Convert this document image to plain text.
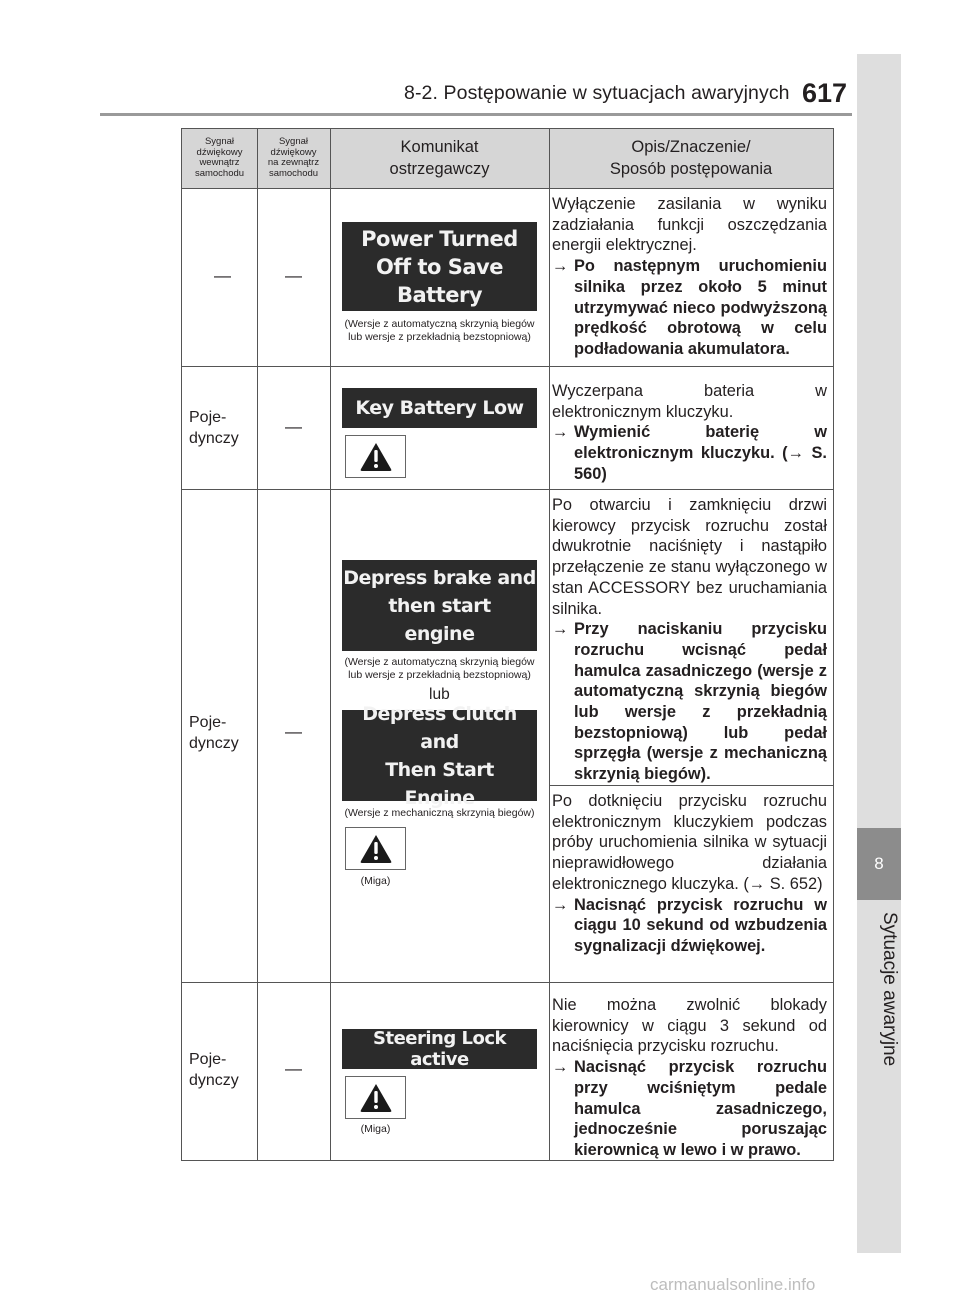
8-2. Postępowanie w sytuacjach awaryjnych 617
8
Sytuacje awaryjne
Sygnał
dźwiękowy
wewnątrz
samochodu
Sygnał
dźwiękowy
na zewnątrz
samochodu
Komunikat
ostrzegawczy
Opis/Znaczenie/
Sposób postępowania
—	—
Power Turned
Off to Save
Battery
(Wersje z automatyczną skrzynią biegów
lub wersje z przekładnią bezstopniową)

Wyłączenie zasilania w wyniku zadziałania funkcji oszczędzania energii elektrycznej.

→ Po następnym uruchomieniu silnika przez około 5 minut utrzymywać nieco podwyższoną prędkość obrotową w celu podładowania akumulatora.

Poje-
dynczy
—
Key Battery Low

Wyczerpana bateria w elektronicznym kluczyku.

→ Wymienić baterię w elektronicznym kluczyku. (→ S. 560)

Poje-
dynczy
—
Depress brake and
then start
engine
(Wersje z automatyczną skrzynią biegów
lub wersje z przekładnią bezstopniową)
lub
Depress Clutch and
Then Start
Engine
(Wersje z mechaniczną skrzynią biegów)
(Miga)

Po otwarciu i zamknięciu drzwi kierowcy przycisk rozruchu został dwukrotnie naciśnięty i nastąpiło przełączenie ze stanu wyłączonego w stan ACCESSORY bez uruchamiania silnika.

→ Przy naciskaniu przycisku rozruchu wcisnąć pedał hamulca zasadniczego (wersje z automatyczną skrzynią biegów lub wersje z przekładnią bezstopniową) lub pedał sprzęgła (wersje z mechaniczną skrzynią biegów).

Po dotknięciu przycisku rozruchu elektronicznym kluczykiem podczas próby uruchomienia silnika w sytuacji nieprawidłowego działania elektronicznego kluczyka. (→ S. 652)

→ Nacisnąć przycisk rozruchu w ciągu 10 sekund od wzbudzenia sygnalizacji dźwiękowej.

Poje-
dynczy
—
Steering Lock active
(Miga)

Nie można zwolnić blokady kierownicy w ciągu 3 sekund od naciśnięcia przycisku rozruchu.

→ Nacisnąć przycisk rozruchu przy wciśniętym pedale hamulca zasadniczego, jednocześnie poruszając kierownicą w lewo i w prawo.

carmanualsonline.info
